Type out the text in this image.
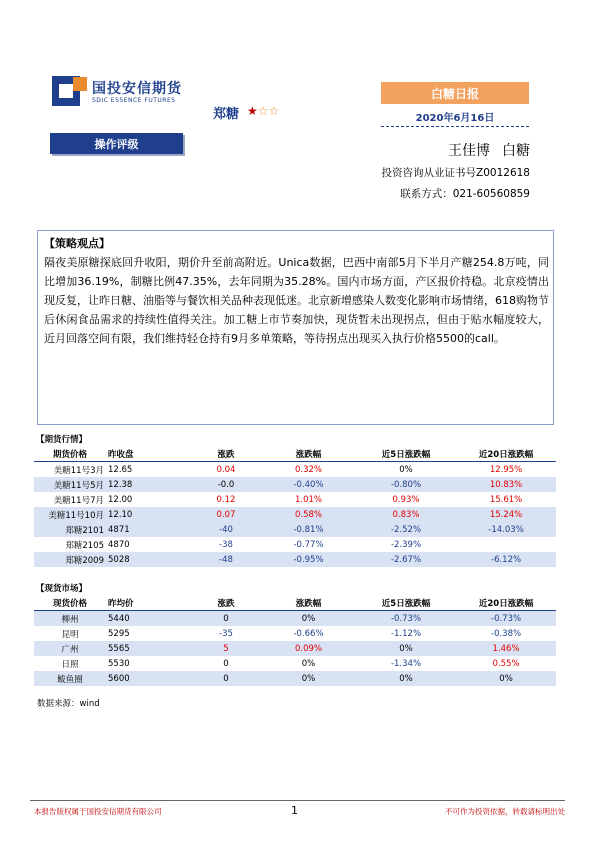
国投安信期货
SDIC ESSENCE FUTURES	白糖日报
2020年6月16日
郑糖 ★☆☆
操作评级	王佳博 白糖
投资咨询从业证书号Z0012618
联系方式：021-60560859
【策略观点】
隔夜美原糖探底回升收阳，期价升至前高附近。Unica数据，巴西中南部5月下半月产糖254.8万吨，同比增加36.19%，制糖比例47.35%，去年同期为35.28%。国内市场方面，产区报价持稳。北京疫情出现反复，让昨日糖、油脂等与餐饮相关品种表现低迷。北京新增感染人数变化影响市场情绪，618购物节后休闲食品需求的持续性值得关注。加工糖上市节奏加快，现货暂未出现拐点，但由于贴水幅度较大，近月回落空间有限，我们维持轻仓持有9月多单策略，等待拐点出现买入执行价格5500的call。
【期货行情】					
期货价格	昨收盘	涨跌	涨跌幅	近5日涨跌幅	近20日涨跌幅
美糖11号3月	12.65	0.04	0.32%	0%	12.95%
美糖11号5月	12.38	-0.0	-0.40%	-0.80%	10.83%
美糖11号7月	12.00	0.12	1.01%	0.93%	15.61%
美糖11号10月	12.10	0.07	0.58%	0.83%	15.24%
郑糖2101	4871	-40	-0.81%	-2.52%	-14.03%
郑糖2105	4870	-38	-0.77%	-2.39%	
郑糖2009	5028	-48	-0.95%	-2.67%	-6.12%
【现货市场】					
现货价格	昨均价	涨跌	涨跌幅	近5日涨跌幅	近20日涨跌幅
柳州	5440	0	0%	-0.73%	-0.73%
昆明	5295	-35	-0.66%	-1.12%	-0.38%
广州	5565	5	0.09%	0%	1.46%
日照	5530	0	0%	-1.34%	0.55%
鲅鱼圈	5600	0	0%	0%	0%
数据来源：wind
本报告版权属于国投安信期货有限公司	1	不可作为投资依据，转载请标明出处
